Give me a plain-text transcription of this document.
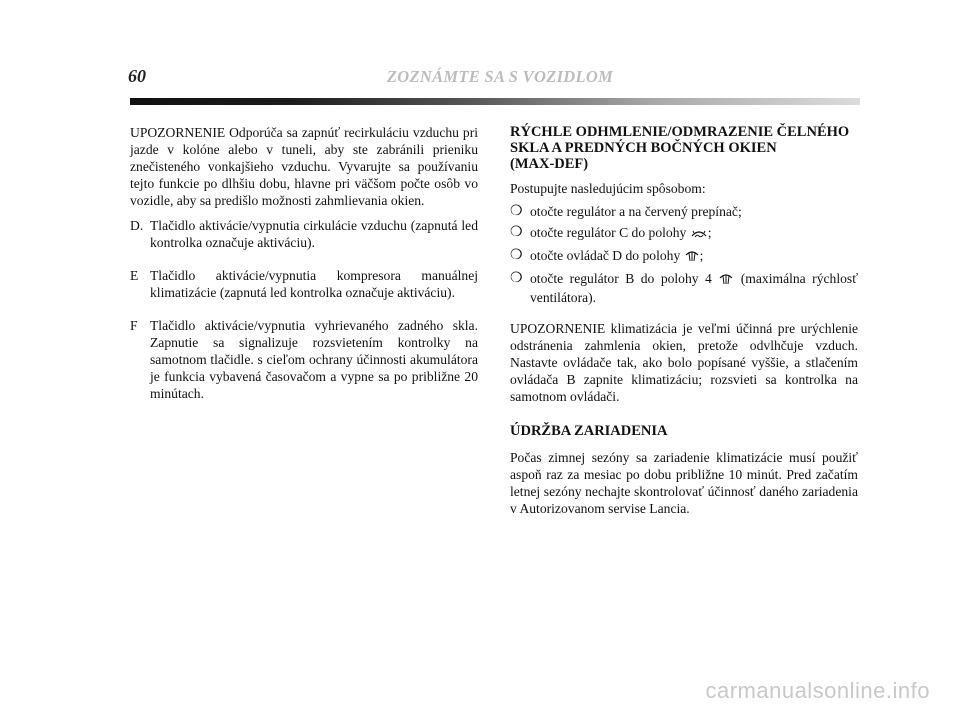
60	ZOZNÁMTE SA S VOZIDLOM

UPOZORNENIE Odporúča sa zapnúť recirkuláciu vzduchu pri jazde v kolóne alebo v tuneli, aby ste zabránili prieniku znečisteného vonkajšieho vzduchu. Vyvarujte sa používaniu tejto funkcie po dlhšiu dobu, hlavne pri väčšom počte osôb vo vozidle, aby sa predišlo možnosti zahmlievania okien.

D. Tlačidlo aktivácie/vypnutia cirkulácie vzduchu (zapnutá led kontrolka označuje aktiváciu).
E Tlačidlo aktivácie/vypnutia kompresora manuálnej klimatizácie (zapnutá led kontrolka označuje aktiváciu).
F Tlačidlo aktivácie/vypnutia vyhrievaného zadného skla. Zapnutie sa signalizuje rozsvietením kontrolky na samotnom tlačidle. s cieľom ochrany účinnosti akumulátora je funkcia vybavená časovačom a vypne sa po približne 20 minútach.
RÝCHLE ODHMLENIE/ODMRAZENIE ČELNÉHO SKLA A PREDNÝCH BOČNÝCH OKIEN
(MAX-DEF)

Postupujte nasledujúcim spôsobom:

❍ otočte regulátor a na červený prepínač;
❍ otočte regulátor C do polohy ;
❍ otočte ovládač D do polohy ;
❍ otočte regulátor B do polohy 4  (maximálna rýchlosť ventilátora).

UPOZORNENIE klimatizácia je veľmi účinná pre urýchlenie odstránenia zahmlenia okien, pretože odvlhčuje vzduch. Nastavte ovládače tak, ako bolo popísané vyššie, a stlačením ovládača B zapnite klimatizáciu; rozsvieti sa kontrolka na samotnom ovládači.

ÚDRŽBA ZARIADENIA

Počas zimnej sezóny sa zariadenie klimatizácie musí použiť aspoň raz za mesiac po dobu približne 10 minút. Pred začatím letnej sezóny nechajte skontrolovať účinnosť daného zariadenia v Autorizovanom servise Lancia.

carmanualsonline.info
